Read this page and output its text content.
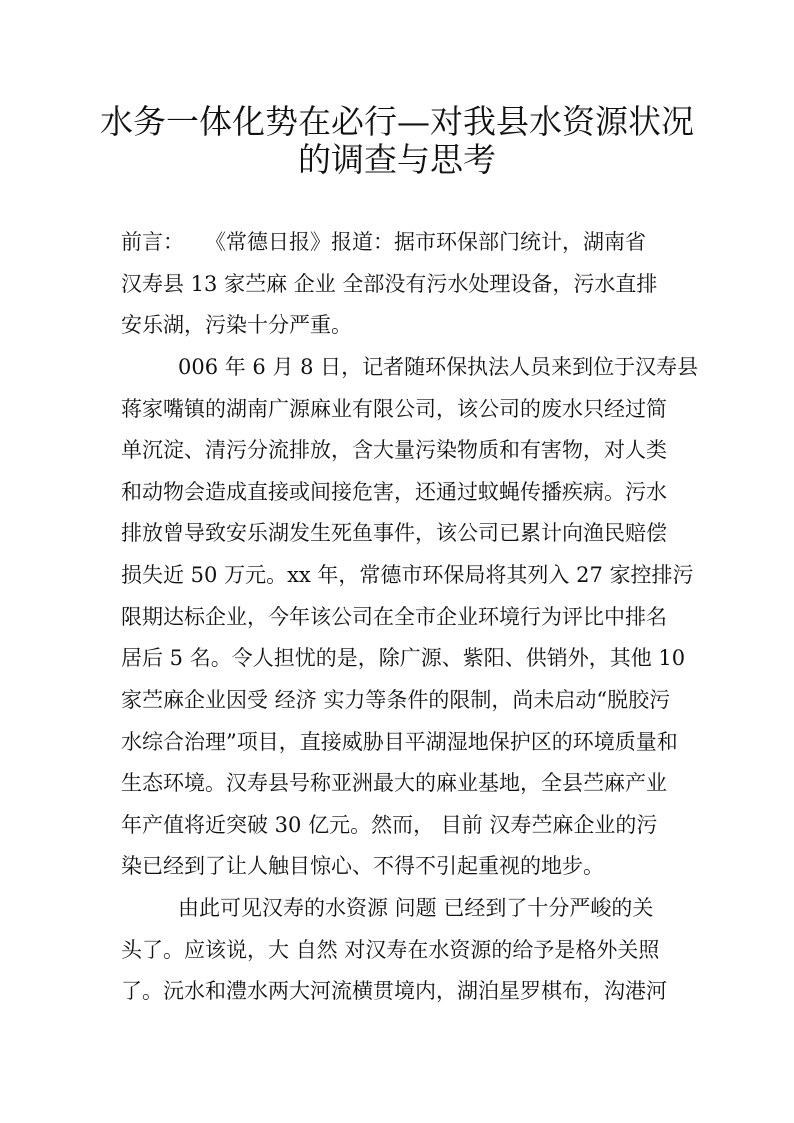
水务一体化势在必行—对我县水资源状况
的调查与思考

前言：　　《常德日报》报道：据市环保部门统计，湖南省

汉寿县 13 家苎麻 企业 全部没有污水处理设备，污水直排

安乐湖，污染十分严重。

006 年 6 月 8 日，记者随环保执法人员来到位于汉寿县

蒋家嘴镇的湖南广源麻业有限公司，该公司的废水只经过简

单沉淀、清污分流排放，含大量污染物质和有害物，对人类

和动物会造成直接或间接危害，还通过蚊蝇传播疾病。污水

排放曾导致安乐湖发生死鱼事件，该公司已累计向渔民赔偿

损失近 50 万元。xx 年，常德市环保局将其列入 27 家控排污

限期达标企业，今年该公司在全市企业环境行为评比中排名

居后 5 名。令人担忧的是，除广源、紫阳、供销外，其他 10

家苎麻企业因受 经济 实力等条件的限制，尚未启动“脱胶污

水综合治理”项目，直接威胁目平湖湿地保护区的环境质量和

生态环境。汉寿县号称亚洲最大的麻业基地，全县苎麻产业

年产值将近突破 30 亿元。然而， 目前 汉寿苎麻企业的污

染已经到了让人触目惊心、不得不引起重视的地步。

由此可见汉寿的水资源 问题 已经到了十分严峻的关

头了。应该说，大 自然 对汉寿在水资源的给予是格外关照

了。沅水和澧水两大河流横贯境内，湖泊星罗棋布，沟港河
